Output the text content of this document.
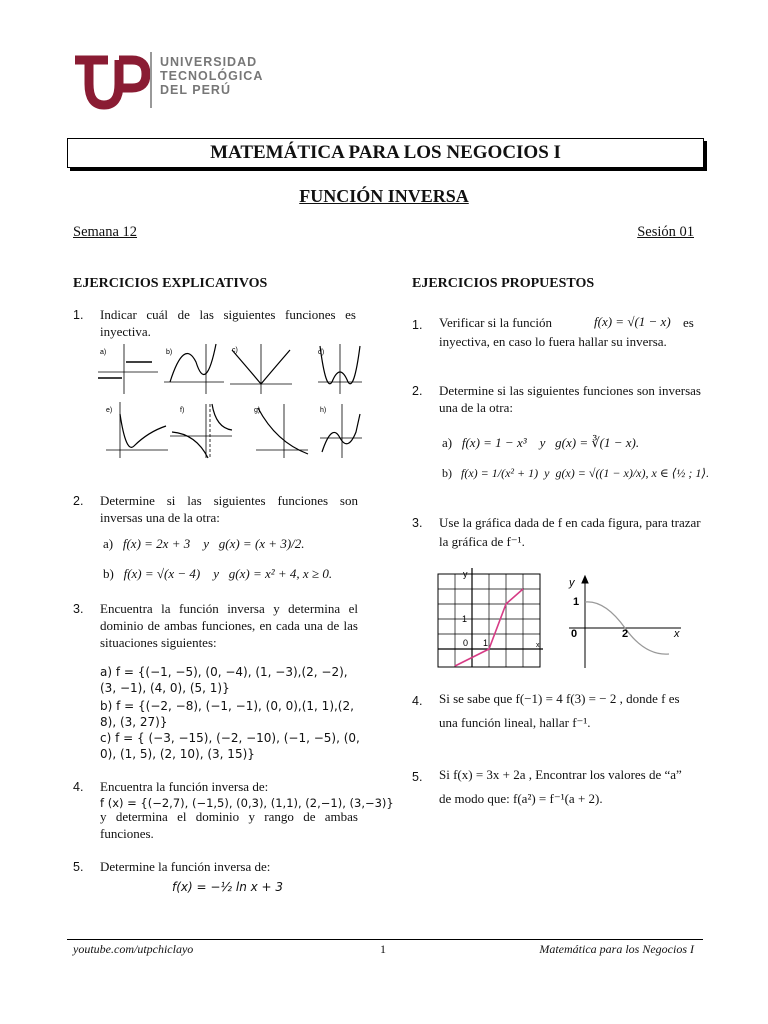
UNIVERSIDAD
TECNOLÓGICA
DEL PERÚ
MATEMÁTICA PARA LOS NEGOCIOS I
FUNCIÓN INVERSA
Semana 12	Sesión 01
EJERCICIOS EXPLICATIVOS
1. Indicar cuál de las siguientes funciones es inyectiva.
a)	b)	c)	d)
e)	f)	g)	h)
2. Determine si las siguientes funciones son inversas una de la otra:
a) f(x) = 2x + 3 y g(x) = (x + 3)/2.
b) f(x) = √(x − 4) y g(x) = x² + 4, x ≥ 0.
3. Encuentra la función inversa y determina el dominio de ambas funciones, en cada una de las situaciones siguientes:
a) f = {(−1, −5), (0, −4), (1, −3),(2, −2),(3, −1), (4, 0), (5, 1)}
b) f = {(−2, −8), (−1, −1), (0, 0),(1, 1),(2, 8), (3, 27)}
c) f = { (−3, −15), (−2, −10), (−1, −5), (0, 0), (1, 5), (2, 10), (3, 15)}
4. Encuentra la función inversa de:
f (x) = {(−2,7), (−1,5), (0,3), (1,1), (2,−1), (3,−3)}
y determina el dominio y rango de ambas funciones.
5. Determine la función inversa de:
f(x) = −½ ln x + 3
EJERCICIOS PROPUESTOS
1. Verificar si la función	f(x) = √(1 − x) es
inyectiva, en caso lo fuera hallar su inversa.
2. Determine si las siguientes funciones son inversas una de la otra:
a) f(x) = 1 − x³ y g(x) = ∛(1 − x).
b) f(x) = 1/(x² + 1) y g(x) = √((1 − x)/x), x ∈ ⟨½ ; 1⟩.
3. Use la gráfica dada de f en cada figura, para trazar
la gráfica de f⁻¹.
y
x
1
0 1
y
x
1
0	2
4. Si se sabe que f(−1) = 4 f(3) = − 2 , donde f es
una función lineal, hallar f⁻¹.
5. Si f(x) = 3x + 2a , Encontrar los valores de “a”
de modo que: f(a²) = f⁻¹(a + 2).
youtube.com/utpchiclayo	1	Matemática para los Negocios I
